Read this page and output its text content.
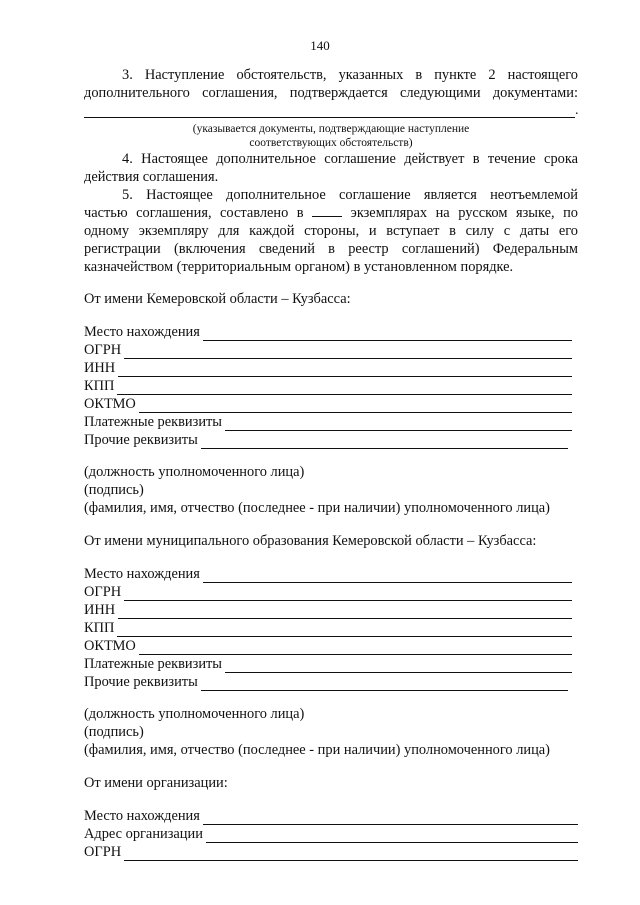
140
3. Наступление обстоятельств, указанных в пункте 2 настоящего
дополнительного соглашения, подтверждается следующими документами:
.
(указывается документы, подтверждающие наступление
соответствующих обстоятельств)
4. Настоящее дополнительное соглашение действует в течение срока
действия соглашения.
5. Настоящее дополнительное соглашение является неотъемлемой
частью соглашения, составлено в	экземплярах на русском языке, по
одному экземпляру для каждой стороны, и вступает в силу с даты его
регистрации (включения сведений в реестр соглашений) Федеральным
казначейством (территориальным органом) в установленном порядке.
От имени Кемеровской области – Кузбасса:
Место нахождения
ОГРН
ИНН
КПП
ОКТМО
Платежные реквизиты
Прочие реквизиты
(должность уполномоченного лица)
(подпись)
(фамилия, имя, отчество (последнее - при наличии) уполномоченного лица)
От имени муниципального образования Кемеровской области – Кузбасса:
Место нахождения
ОГРН
ИНН
КПП
ОКТМО
Платежные реквизиты
Прочие реквизиты
(должность уполномоченного лица)
(подпись)
(фамилия, имя, отчество (последнее - при наличии) уполномоченного лица)
От имени организации:
Место нахождения
Адрес организации
ОГРН
